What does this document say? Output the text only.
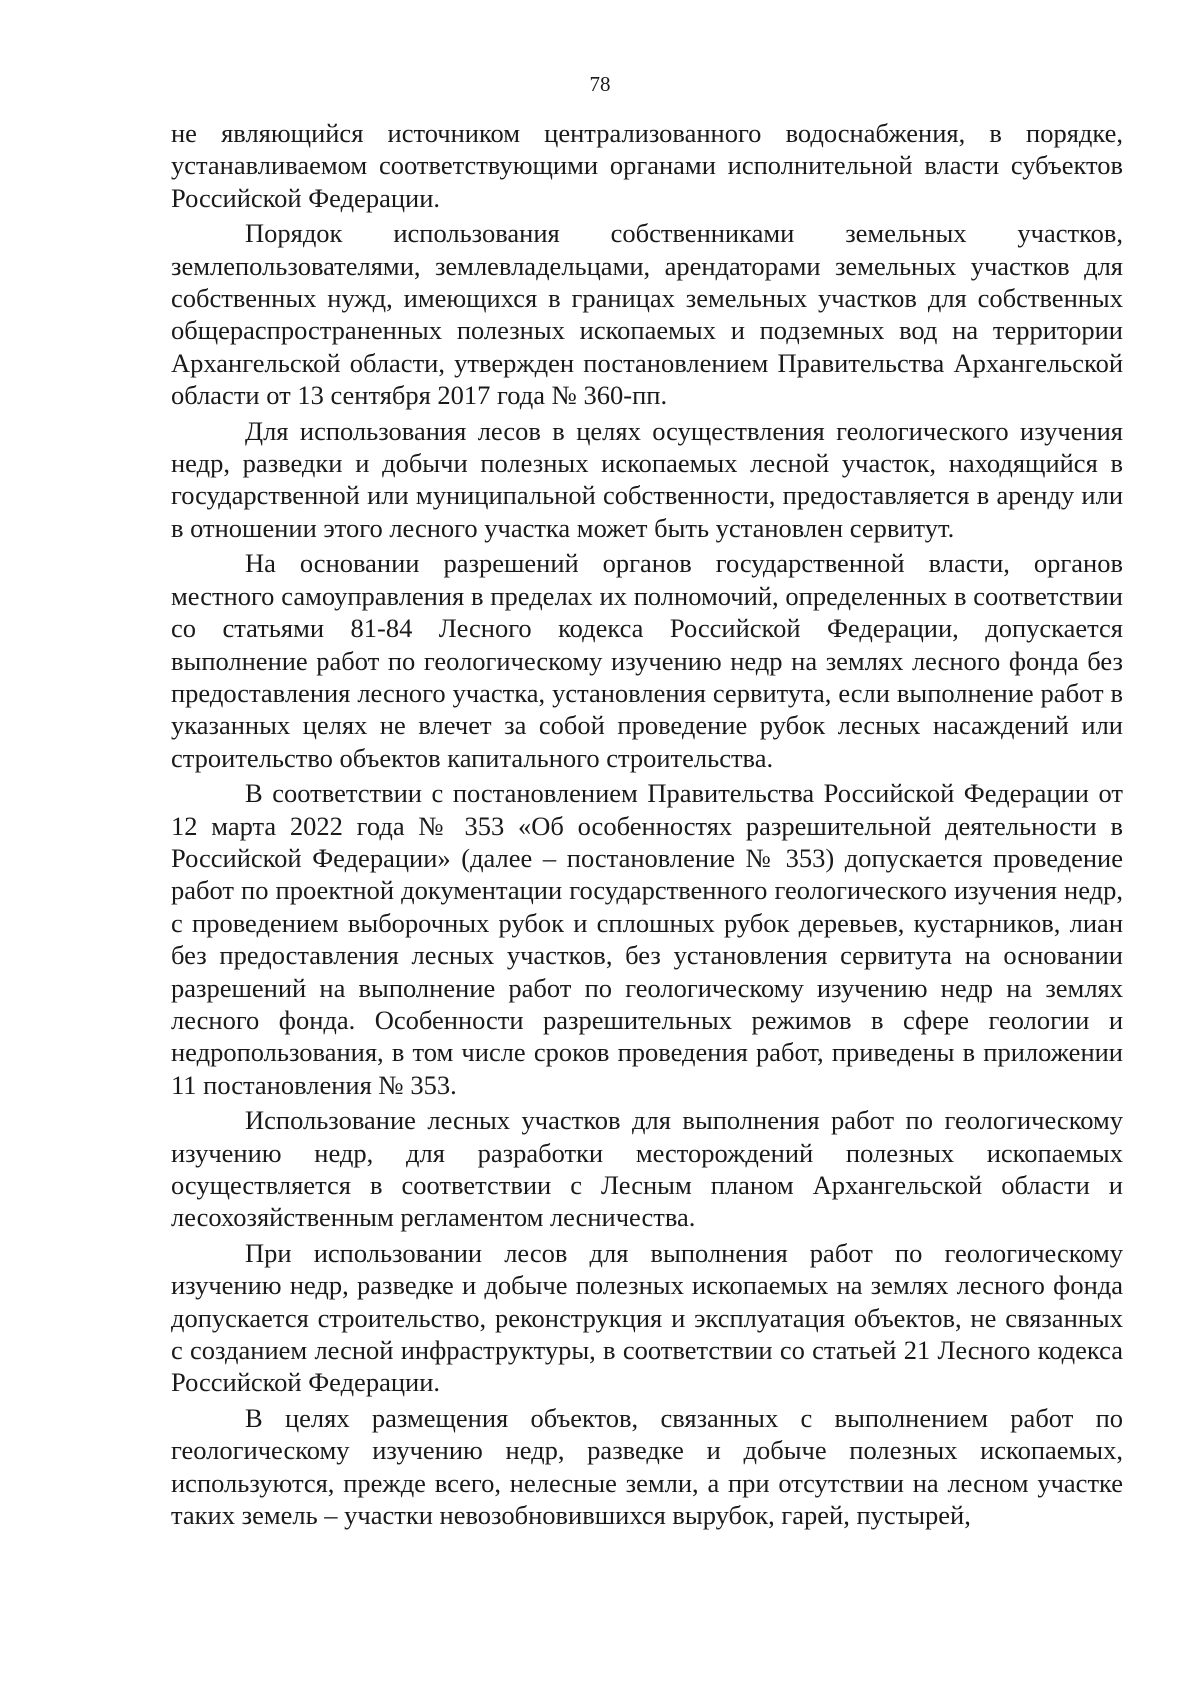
78

не являющийся источником централизованного водоснабжения, в порядке, устанавливаемом соответствующими органами исполнительной власти субъектов Российской Федерации.

Порядок использования собственниками земельных участков, землепользователями, землевладельцами, арендаторами земельных участков для собственных нужд, имеющихся в границах земельных участков для собственных общераспространенных полезных ископаемых и подземных вод на территории Архангельской области, утвержден постановлением Правительства Архангельской области от 13 сентября 2017 года № 360-пп.

Для использования лесов в целях осуществления геологического изучения недр, разведки и добычи полезных ископаемых лесной участок, находящийся в государственной или муниципальной собственности, предоставляется в аренду или в отношении этого лесного участка может быть установлен сервитут.

На основании разрешений органов государственной власти, органов местного самоуправления в пределах их полномочий, определенных в соответствии со статьями 81-84 Лесного кодекса Российской Федерации, допускается выполнение работ по геологическому изучению недр на землях лесного фонда без предоставления лесного участка, установления сервитута, если выполнение работ в указанных целях не влечет за собой проведение рубок лесных насаждений или строительство объектов капитального строительства.

В соответствии с постановлением Правительства Российской Федерации от 12 марта 2022 года № 353 «Об особенностях разрешительной деятельности в Российской Федерации» (далее – постановление № 353) допускается проведение работ по проектной документации государственного геологического изучения недр, с проведением выборочных рубок и сплошных рубок деревьев, кустарников, лиан без предоставления лесных участков, без установления сервитута на основании разрешений на выполнение работ по геологическому изучению недр на землях лесного фонда. Особенности разрешительных режимов в сфере геологии и недропользования, в том числе сроков проведения работ, приведены в приложении 11 постановления № 353.

Использование лесных участков для выполнения работ по геологическому изучению недр, для разработки месторождений полезных ископаемых осуществляется в соответствии с Лесным планом Архангельской области и лесохозяйственным регламентом лесничества.

При использовании лесов для выполнения работ по геологическому изучению недр, разведке и добыче полезных ископаемых на землях лесного фонда допускается строительство, реконструкция и эксплуатация объектов, не связанных с созданием лесной инфраструктуры, в соответствии со статьей 21 Лесного кодекса Российской Федерации.

В целях размещения объектов, связанных с выполнением работ по геологическому изучению недр, разведке и добыче полезных ископаемых, используются, прежде всего, нелесные земли, а при отсутствии на лесном участке таких земель – участки невозобновившихся вырубок, гарей, пустырей,
